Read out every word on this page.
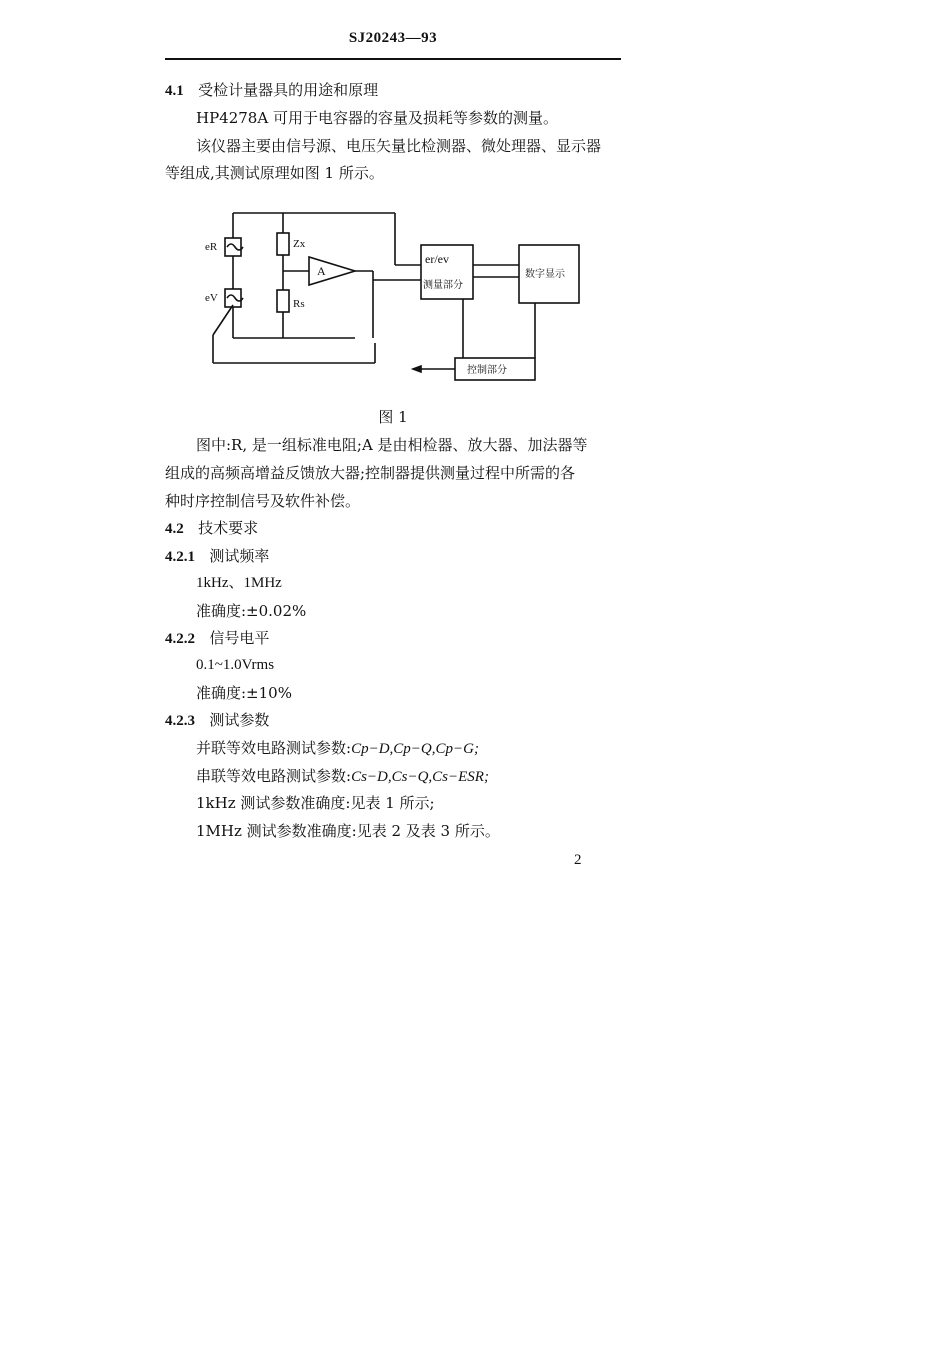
SJ20243—93
4.1 受检计量器具的用途和原理
HP4278A 可用于电容器的容量及损耗等参数的测量。
该仪器主要由信号源、电压矢量比检测器、微处理器、显示器
等组成,其测试原理如图 1 所示。
eR
eV
Zx
Rs
A
er/ev
测量部分
数字显示
控制部分
图 1
图中:R, 是一组标准电阻;A 是由相检器、放大器、加法器等
组成的高频高增益反馈放大器;控制器提供测量过程中所需的各
种时序控制信号及软件补偿。
4.2 技术要求
4.2.1 测试频率
1kHz、1MHz
准确度:±0.02%
4.2.2 信号电平
0.1~1.0Vrms
准确度:±10%
4.2.3 测试参数
并联等效电路测试参数:Cp−D,Cp−Q,Cp−G;
串联等效电路测试参数:Cs−D,Cs−Q,Cs−ESR;
1kHz 测试参数准确度:见表 1 所示;
1MHz 测试参数准确度:见表 2 及表 3 所示。
2
